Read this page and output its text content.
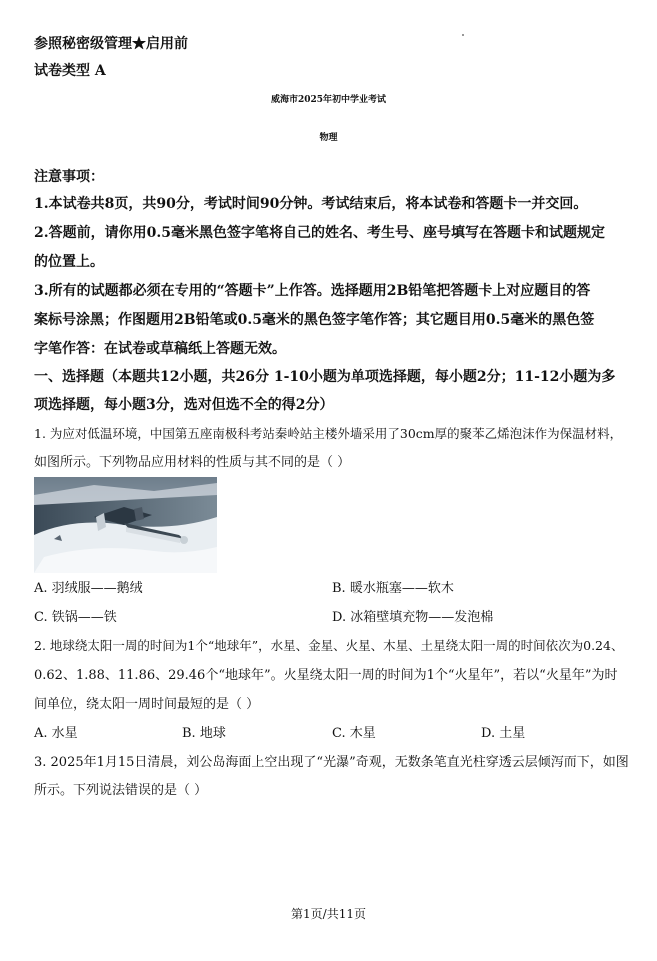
参照秘密级管理★启用前
试卷类型 A
威海市2025年初中学业考试
物理
注意事项：
1.本试卷共8页，共90分，考试时间90分钟。考试结束后，将本试卷和答题卡一并交回。
2.答题前，请你用0.5毫米黑色签字笔将自己的姓名、考生号、座号填写在答题卡和试题规定
的位置上。
3.所有的试题都必须在专用的“答题卡”上作答。选择题用2B铅笔把答题卡上对应题目的答
案标号涂黑；作图题用2B铅笔或0.5毫米的黑色签字笔作答；其它题目用0.5毫米的黑色签
字笔作答：在试卷或草稿纸上答题无效。
一、选择题（本题共12小题，共26分 1-10小题为单项选择题，每小题2分；11-12小题为多
项选择题，每小题3分，选对但选不全的得2分）
1. 为应对低温环境，中国第五座南极科考站秦岭站主楼外墙采用了30cm厚的聚苯乙烯泡沫作为保温材料，
如图所示。下列物品应用材料的性质与其不同的是（ ）
A. 羽绒服——鹅绒	B. 暖水瓶塞——软木
C. 铁锅——铁	D. 冰箱壁填充物——发泡棉
2. 地球绕太阳一周的时间为1个“地球年”，水星、金星、火星、木星、土星绕太阳一周的时间依次为0.24、
0.62、1.88、11.86、29.46个“地球年”。火星绕太阳一周的时间为1个“火星年”，若以“火星年”为时
间单位，绕太阳一周时间最短的是（ ）
A. 水星	B. 地球	C. 木星	D. 土星
3. 2025年1月15日清晨，刘公岛海面上空出现了“光瀑”奇观，无数条笔直光柱穿透云层倾泻而下，如图
所示。下列说法错误的是（ ）
第1页/共11页
